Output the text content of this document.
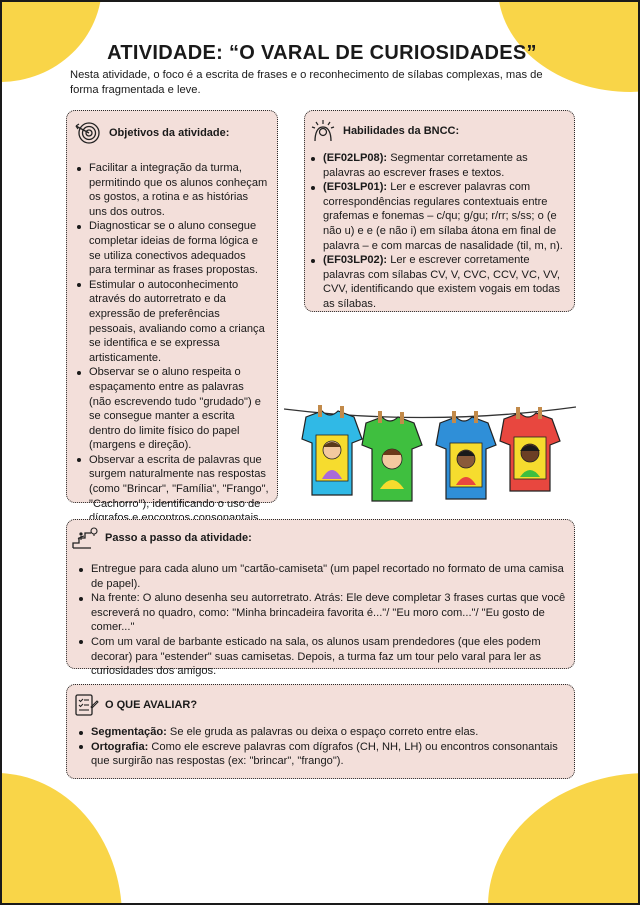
ATIVIDADE: “O VARAL DE CURIOSIDADES”

Nesta atividade, o foco é a escrita de frases e o reconhecimento de sílabas complexas, mas de forma fragmentada e leve.

Objetivos da atividade:
Facilitar a integração da turma, permitindo que os alunos conheçam os gostos, a rotina e as histórias uns dos outros.
Diagnosticar se o aluno consegue completar ideias de forma lógica e se utiliza conectivos adequados para terminar as frases propostas.
Estimular o autoconhecimento através do autorretrato e da expressão de preferências pessoais, avaliando como a criança se identifica e se expressa artisticamente.
Observar se o aluno respeita o espaçamento entre as palavras (não escrevendo tudo "grudado") e se consegue manter a escrita dentro do limite físico do papel (margens e direção).
Observar a escrita de palavras que surgem naturalmente nas respostas (como "Brincar", "Família", "Frango", "Cachorro"), identificando o uso de
Habilidades da BNCC:
(EF02LP08): Segmentar corretamente as palavras ao escrever frases e textos.
(EF03LP01): Ler e escrever palavras com correspondências regulares contextuais entre grafemas e fonemas – c/qu; g/gu; r/rr; s/ss; o (e não u) e e (e não i) em sílaba átona em final de palavra – e com marcas de nasalidade (til, m, n).
(EF03LP02): Ler e escrever corretamente palavras com sílabas CV, V, CVC, CCV, VC, VV, CVV, identificando que existem vogais em todas as sílabas.
Passo a passo da atividade:
Entregue para cada aluno um "cartão-camiseta" (um papel recortado no formato de uma camisa de papel).
Na frente: O aluno desenha seu autorretrato. Atrás: Ele deve completar 3 frases curtas que você escreverá no quadro, como: "Minha brincadeira favorita é..."/ "Eu moro com..."/ "Eu gosto de comer..."
Com um varal de barbante esticado na sala, os alunos usam prendedores (que eles podem decorar) para "estender" suas camisetas. Depois, a turma faz um tour pelo varal para ler as curiosidades dos amigos.
O QUE AVALIAR?
Segmentação: Se ele gruda as palavras ou deixa o espaço correto entre elas.
Ortografia: Como ele escreve palavras com dígrafos (CH, NH, LH) ou encontros consonantais que surgirão nas respostas (ex: "brincar", "frango").
